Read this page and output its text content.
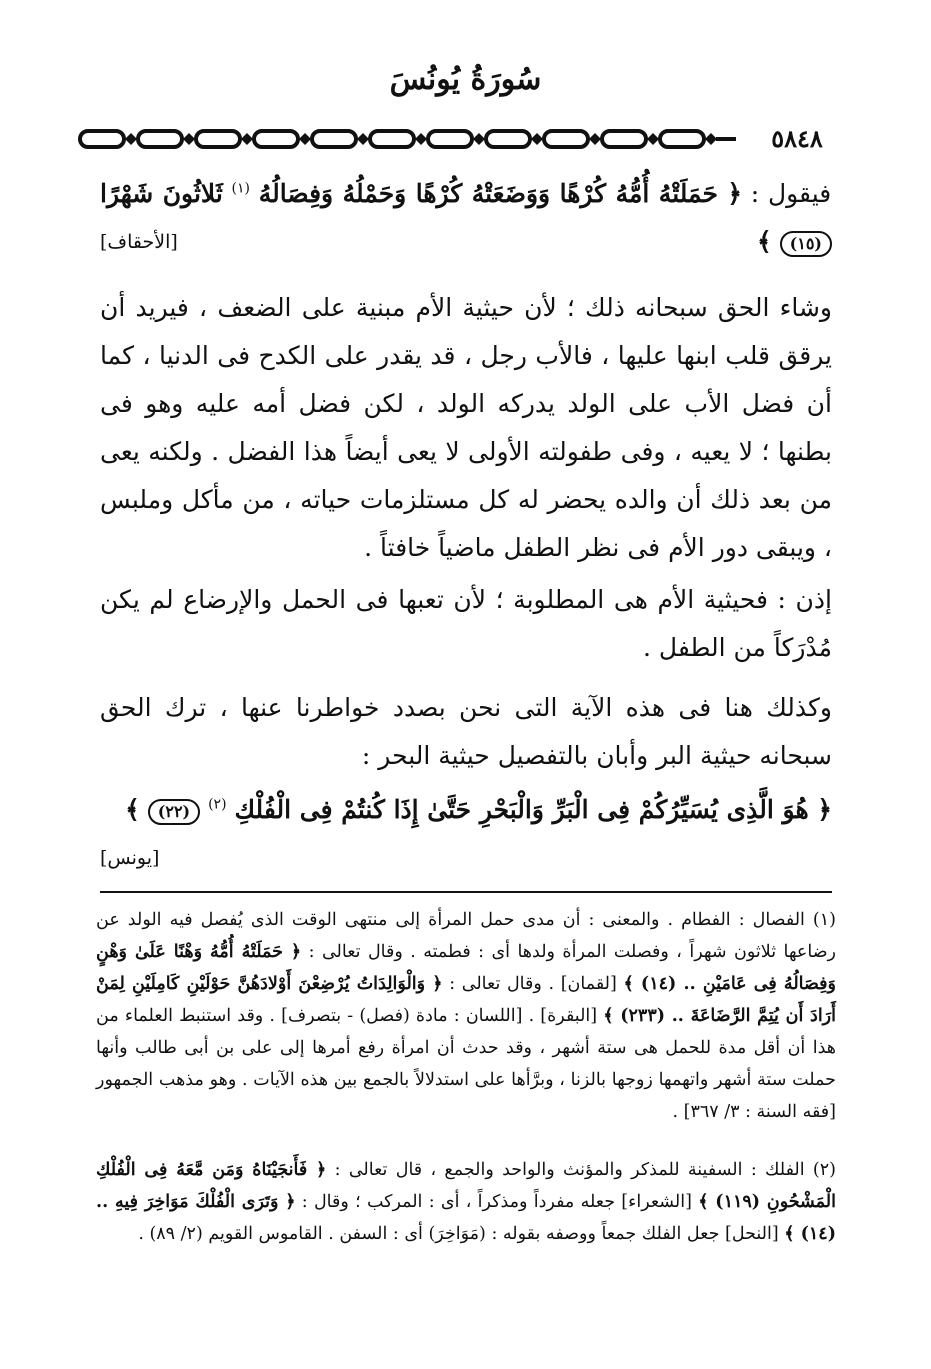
سُورَةُ يُونُسَ
٥٨٤٨
فيقول : ﴿ حَمَلَتْهُ أُمُّهُ كُرْهًا وَوَضَعَتْهُ كُرْهًا وَحَمْلُهُ وَفِصَالُهُ $^{(١)}$ ثَلاثُونَ شَهْرًا (١٥) ﴾
[الأحقاف]
وشاء الحق سبحانه ذلك ؛ لأن حيثية الأم مبنية على الضعف ، فيريد أن يرقق قلب ابنها عليها ، فالأب رجل ، قد يقدر على الكدح فى الدنيا ، كما أن فضل الأب على الولد يدركه الولد ، لكن فضل أمه عليه وهو فى بطنها ؛ لا يعيه ، وفى طفولته الأولى لا يعى أيضاً هذا الفضل . ولكنه يعى من بعد ذلك أن والده يحضر له كل مستلزمات حياته ، من مأكل وملبس ، ويبقى دور الأم فى نظر الطفل ماضياً خافتاً .
إذن : فحيثية الأم هى المطلوبة ؛ لأن تعبها فى الحمل والإرضاع لم يكن مُدْرَكاً من الطفل .
وكذلك هنا فى هذه الآية التى نحن بصدد خواطرنا عنها ، ترك الحق سبحانه حيثية البر وأبان بالتفصيل حيثية البحر :
﴿ هُوَ الَّذِى يُسَيِّرُكُمْ فِى الْبَرِّ وَالْبَحْرِ حَتَّىٰ إِذَا كُنتُمْ فِى الْفُلْكِ $^{(٢)}$ (٢٢) ﴾
[يونس]
(١) الفصال : الفطام . والمعنى : أن مدى حمل المرأة إلى منتهى الوقت الذى يُفصل فيه الولد عن رضاعها ثلاثون شهراً ، وفصلت المرأة ولدها أى : فطمته . وقال تعالى : ﴿ حَمَلَتْهُ أُمُّهُ وَهْنًا عَلَىٰ وَهْنٍ وَفِصَالُهُ فِى عَامَيْنِ .. (١٤) ﴾ [لقمان] . وقال تعالى : ﴿ وَالْوَالِدَاتُ يُرْضِعْنَ أَوْلادَهُنَّ حَوْلَيْنِ كَامِلَيْنِ لِمَنْ أَرَادَ أَن يُتِمَّ الرَّضَاعَةَ .. (٢٣٣) ﴾ [البقرة] . [اللسان : مادة (فصل) - بتصرف] . وقد استنبط العلماء من هذا أن أقل مدة للحمل هى ستة أشهر ، وقد حدث أن امرأة رفع أمرها إلى على بن أبى طالب وأنها حملت ستة أشهر واتهمها زوجها بالزنا ، وبرَّأها على استدلالاً بالجمع بين هذه الآيات . وهو مذهب الجمهور [فقه السنة : ٣/ ٣٦٧] .
(٢) الفلك : السفينة للمذكر والمؤنث والواحد والجمع ، قال تعالى : ﴿ فَأَنجَيْنَاهُ وَمَن مَّعَهُ فِى الْفُلْكِ الْمَشْحُونِ (١١٩) ﴾ [الشعراء] جعله مفرداً ومذكراً ، أى : المركب ؛ وقال : ﴿ وَتَرَى الْفُلْكَ مَوَاخِرَ فِيهِ .. (١٤) ﴾ [النحل] جعل الفلك جمعاً ووصفه بقوله : (مَوَاخِرَ) أى : السفن . القاموس القويم (٢/ ٨٩) .
